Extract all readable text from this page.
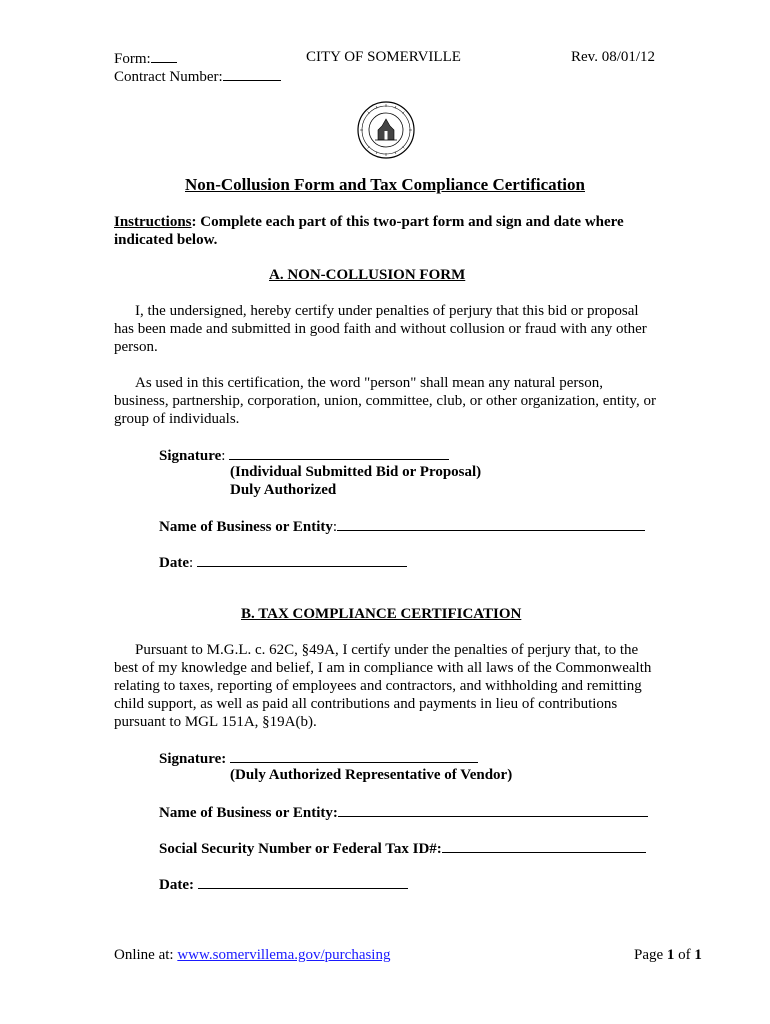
Form:	CITY OF SOMERVILLE	Rev. 08/01/12
Contract Number:
Non-Collusion Form and Tax Compliance Certification
Instructions: Complete each part of this two-part form and sign and date where indicated below.
A. NON-COLLUSION FORM
I, the undersigned, hereby certify under penalties of perjury that this bid or proposal has been made and submitted in good faith and without collusion or fraud with any other person.
As used in this certification, the word "person" shall mean any natural person, business, partnership, corporation, union, committee, club, or other organization, entity, or group of individuals.
Signature:
(Individual Submitted Bid or Proposal)
Duly Authorized
Name of Business or Entity:
Date:
B. TAX COMPLIANCE CERTIFICATION
Pursuant to M.G.L. c. 62C, §49A, I certify under the penalties of perjury that, to the best of my knowledge and belief, I am in compliance with all laws of the Commonwealth relating to taxes, reporting of employees and contractors, and withholding and remitting child support, as well as paid all contributions and payments in lieu of contributions pursuant to MGL 151A, §19A(b).
Signature:
(Duly Authorized Representative of Vendor)
Name of Business or Entity:
Social Security Number or Federal Tax ID#:
Date:
Online at: www.somervillema.gov/purchasing	Page 1 of 1
